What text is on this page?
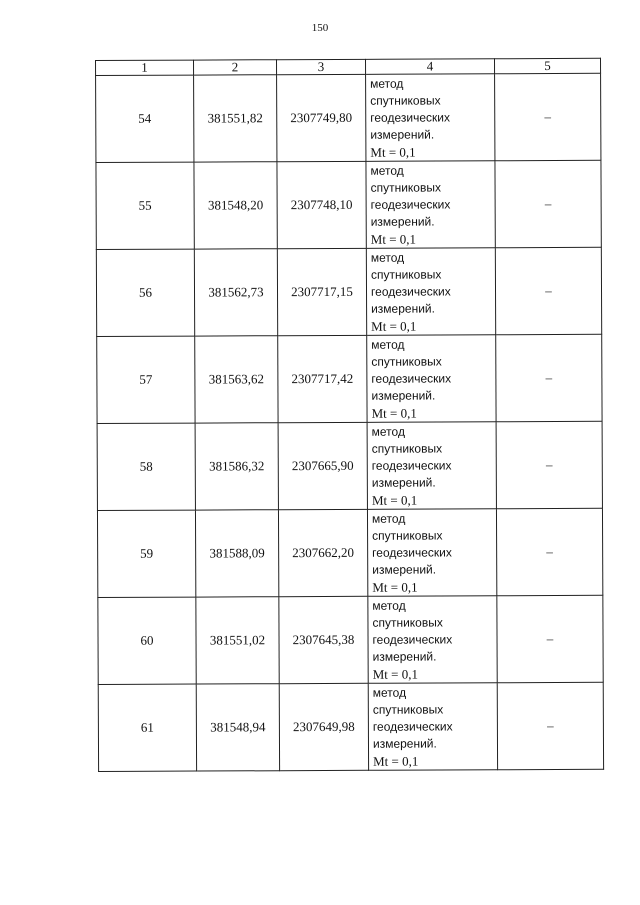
150
1	2	3	4	5
54	381551,82	2307749,80	метод
спутниковых
геодезических
измерений.
Mt = 0,1	–
55	381548,20	2307748,10	метод
спутниковых
геодезических
измерений.
Mt = 0,1	–
56	381562,73	2307717,15	метод
спутниковых
геодезических
измерений.
Mt = 0,1	–
57	381563,62	2307717,42	метод
спутниковых
геодезических
измерений.
Mt = 0,1	–
58	381586,32	2307665,90	метод
спутниковых
геодезических
измерений.
Mt = 0,1	–
59	381588,09	2307662,20	метод
спутниковых
геодезических
измерений.
Mt = 0,1	–
60	381551,02	2307645,38	метод
спутниковых
геодезических
измерений.
Mt = 0,1	–
61	381548,94	2307649,98	метод
спутниковых
геодезических
измерений.
Mt = 0,1	–
